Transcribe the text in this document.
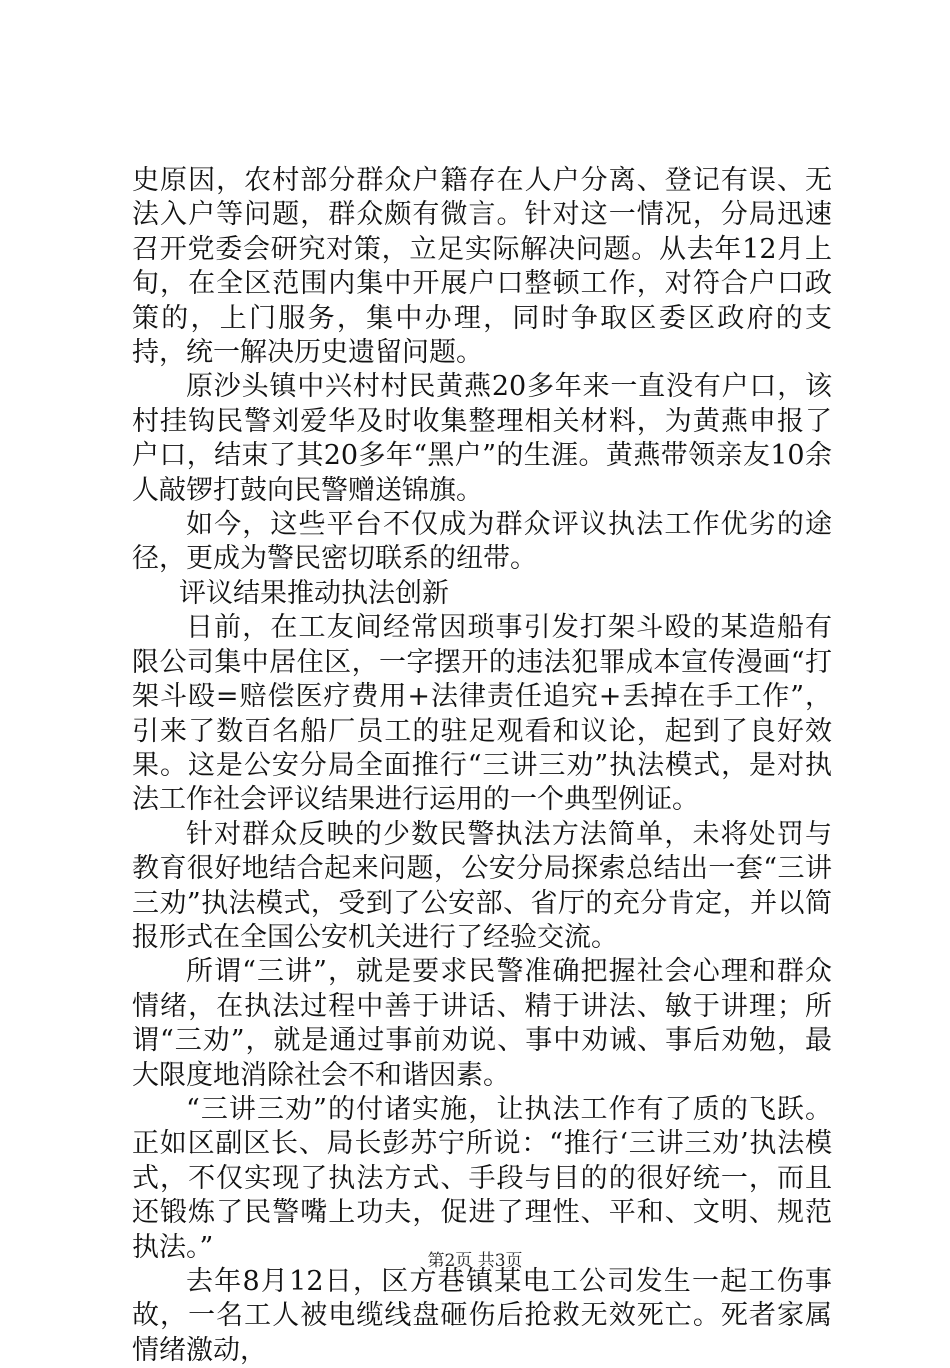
史原因，农村部分群众户籍存在人户分离、登记有误、无法入户等问题，群众颇有微言。针对这一情况，分局迅速召开党委会研究对策，立足实际解决问题。从去年12月上旬，在全区范围内集中开展户口整顿工作，对符合户口政策的，上门服务，集中办理，同时争取区委区政府的支持，统一解决历史遗留问题。

原沙头镇中兴村村民黄燕20多年来一直没有户口，该村挂钩民警刘爱华及时收集整理相关材料，为黄燕申报了户口，结束了其20多年“黑户”的生涯。黄燕带领亲友10余人敲锣打鼓向民警赠送锦旗。

如今，这些平台不仅成为群众评议执法工作优劣的途径，更成为警民密切联系的纽带。

评议结果推动执法创新

日前，在工友间经常因琐事引发打架斗殴的某造船有限公司集中居住区，一字摆开的违法犯罪成本宣传漫画“打架斗殴=赔偿医疗费用+法律责任追究+丢掉在手工作”，引来了数百名船厂员工的驻足观看和议论，起到了良好效果。这是公安分局全面推行“三讲三劝”执法模式，是对执法工作社会评议结果进行运用的一个典型例证。

针对群众反映的少数民警执法方法简单，未将处罚与教育很好地结合起来问题，公安分局探索总结出一套“三讲三劝”执法模式，受到了公安部、省厅的充分肯定，并以简报形式在全国公安机关进行了经验交流。

所谓“三讲”，就是要求民警准确把握社会心理和群众情绪，在执法过程中善于讲话、精于讲法、敏于讲理；所谓“三劝”，就是通过事前劝说、事中劝诫、事后劝勉，最大限度地消除社会不和谐因素。

“三讲三劝”的付诸实施，让执法工作有了质的飞跃。正如区副区长、局长彭苏宁所说：“推行‘三讲三劝’执法模式，不仅实现了执法方式、手段与目的的很好统一，而且还锻炼了民警嘴上功夫，促进了理性、平和、文明、规范执法。”

去年8月12日，区方巷镇某电工公司发生一起工伤事故，一名工人被电缆线盘砸伤后抢救无效死亡。死者家属情绪激动，

第2页 共3页
